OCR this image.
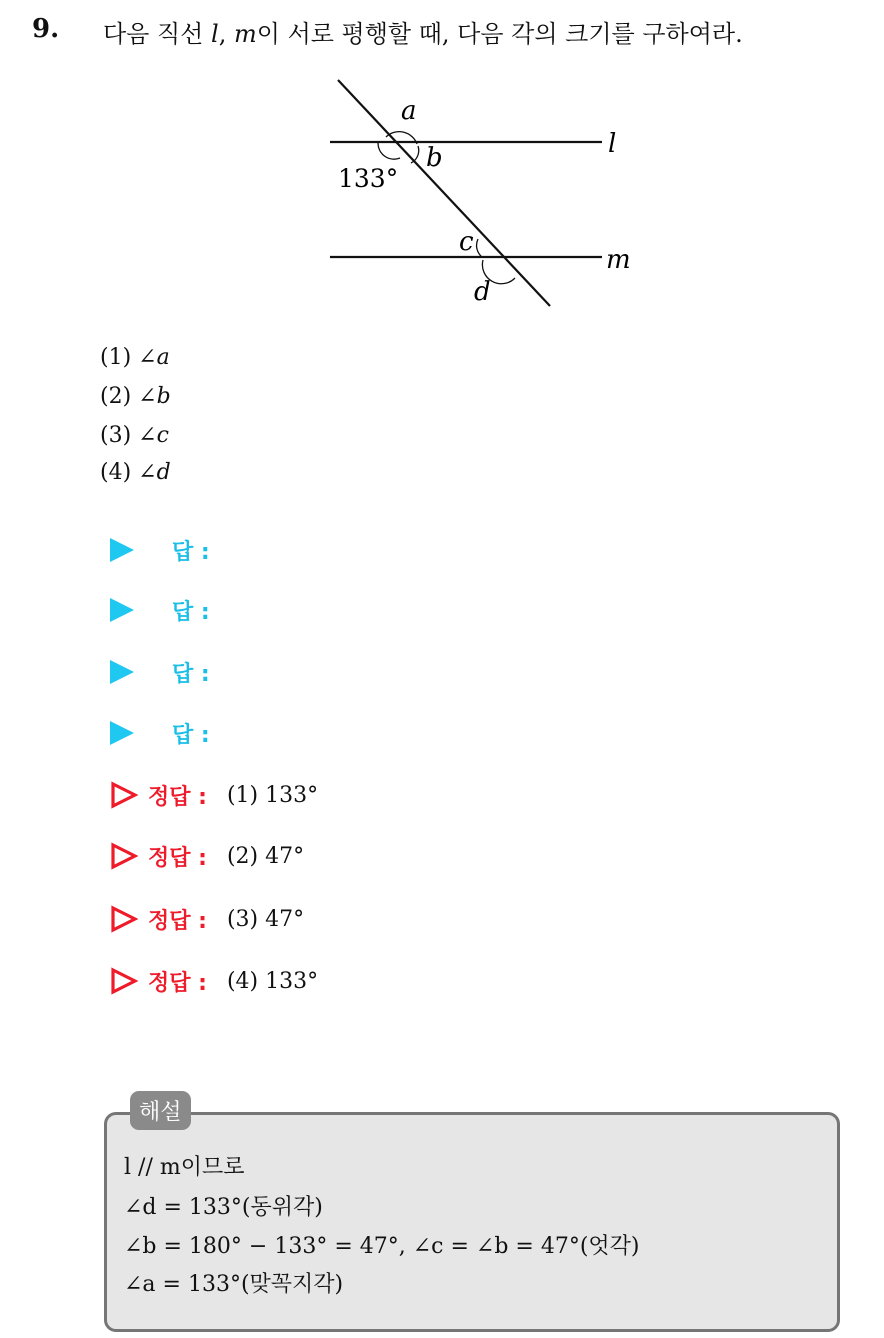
9. 다음 직선 l, m이 서로 평행할 때, 다음 각의 크기를 구하여라.
a
b
133°
c
d
l
m
(1) ∠a
(2) ∠b
(3) ∠c
(4) ∠d
답 :
답 :
답 :
답 :
정답 : (1) 133°
정답 : (2) 47°
정답 : (3) 47°
정답 : (4) 133°
해설
l // m이므로
∠d = 133°(동위각)
∠b = 180° − 133° = 47°, ∠c = ∠b = 47°(엇각)
∠a = 133°(맞꼭지각)
